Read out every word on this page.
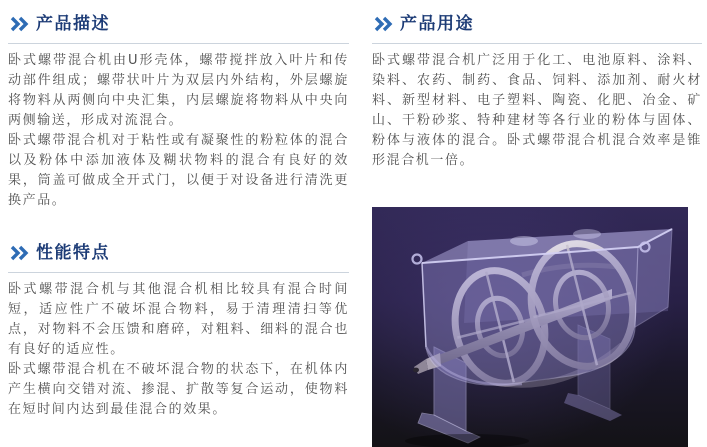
产品描述

卧式螺带混合机由U形壳体，螺带搅拌放入叶片和传动部件组成；螺带状叶片为双层内外结构，外层螺旋将物料从两侧向中央汇集，内层螺旋将物料从中央向两侧输送，形成对流混合。

卧式螺带混合机对于粘性或有凝聚性的粉粒体的混合以及粉体中添加液体及糊状物料的混合有良好的效果，筒盖可做成全开式门，以便于对设备进行清洗更换产品。

性能特点

卧式螺带混合机与其他混合机相比较具有混合时间短，适应性广不破坏混合物料，易于清理清扫等优点，对物料不会压馈和磨碎，对粗料、细料的混合也有良好的适应性。

卧式螺带混合机在不破坏混合物的状态下，在机体内产生横向交错对流、掺混、扩散等复合运动，使物料在短时间内达到最佳混合的效果。

产品用途

卧式螺带混合机广泛用于化工、电池原料、涂料、染料、农药、制药、食品、饲料、添加剂、耐火材料、新型材料、电子塑料、陶瓷、化肥、冶金、矿山、干粉砂浆、特种建材等各行业的粉体与固体、粉体与液体的混合。卧式螺带混合机混合效率是锥形混合机一倍。
